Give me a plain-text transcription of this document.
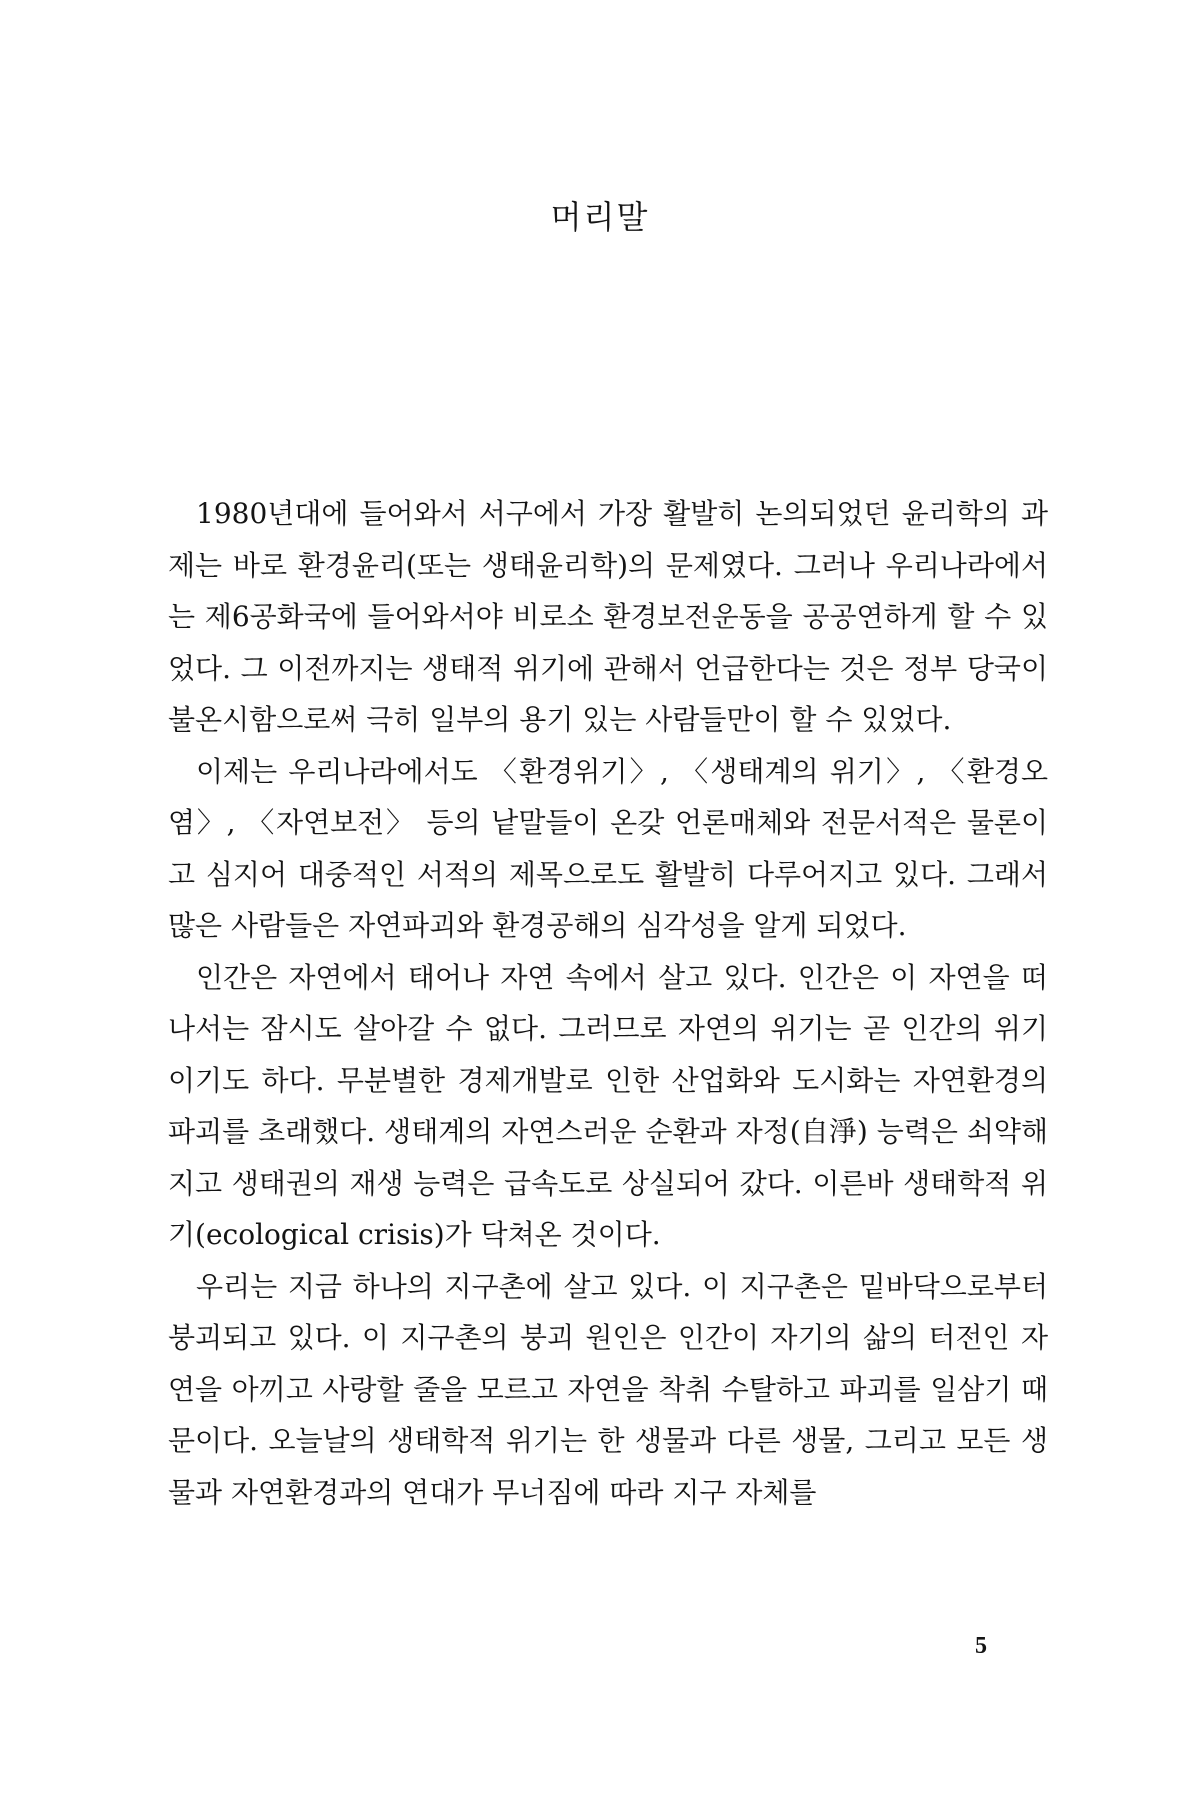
머리말

1980년대에 들어와서 서구에서 가장 활발히 논의되었던 윤리학의 과제는 바로 환경윤리(또는 생태윤리학)의 문제였다. 그러나 우리나라에서는 제6공화국에 들어와서야 비로소 환경보전운동을 공공연하게 할 수 있었다. 그 이전까지는 생태적 위기에 관해서 언급한다는 것은 정부 당국이 불온시함으로써 극히 일부의 용기 있는 사람들만이 할 수 있었다.

이제는 우리나라에서도 〈환경위기〉, 〈생태계의 위기〉, 〈환경오염〉, 〈자연보전〉 등의 낱말들이 온갖 언론매체와 전문서적은 물론이고 심지어 대중적인 서적의 제목으로도 활발히 다루어지고 있다. 그래서 많은 사람들은 자연파괴와 환경공해의 심각성을 알게 되었다.

인간은 자연에서 태어나 자연 속에서 살고 있다. 인간은 이 자연을 떠나서는 잠시도 살아갈 수 없다. 그러므로 자연의 위기는 곧 인간의 위기이기도 하다. 무분별한 경제개발로 인한 산업화와 도시화는 자연환경의 파괴를 초래했다. 생태계의 자연스러운 순환과 자정(自淨) 능력은 쇠약해지고 생태권의 재생 능력은 급속도로 상실되어 갔다. 이른바 생태학적 위기(ecological crisis)가 닥쳐온 것이다.

우리는 지금 하나의 지구촌에 살고 있다. 이 지구촌은 밑바닥으로부터 붕괴되고 있다. 이 지구촌의 붕괴 원인은 인간이 자기의 삶의 터전인 자연을 아끼고 사랑할 줄을 모르고 자연을 착취 수탈하고 파괴를 일삼기 때문이다. 오늘날의 생태학적 위기는 한 생물과 다른 생물, 그리고 모든 생물과 자연환경과의 연대가 무너짐에 따라 지구 자체를

5
